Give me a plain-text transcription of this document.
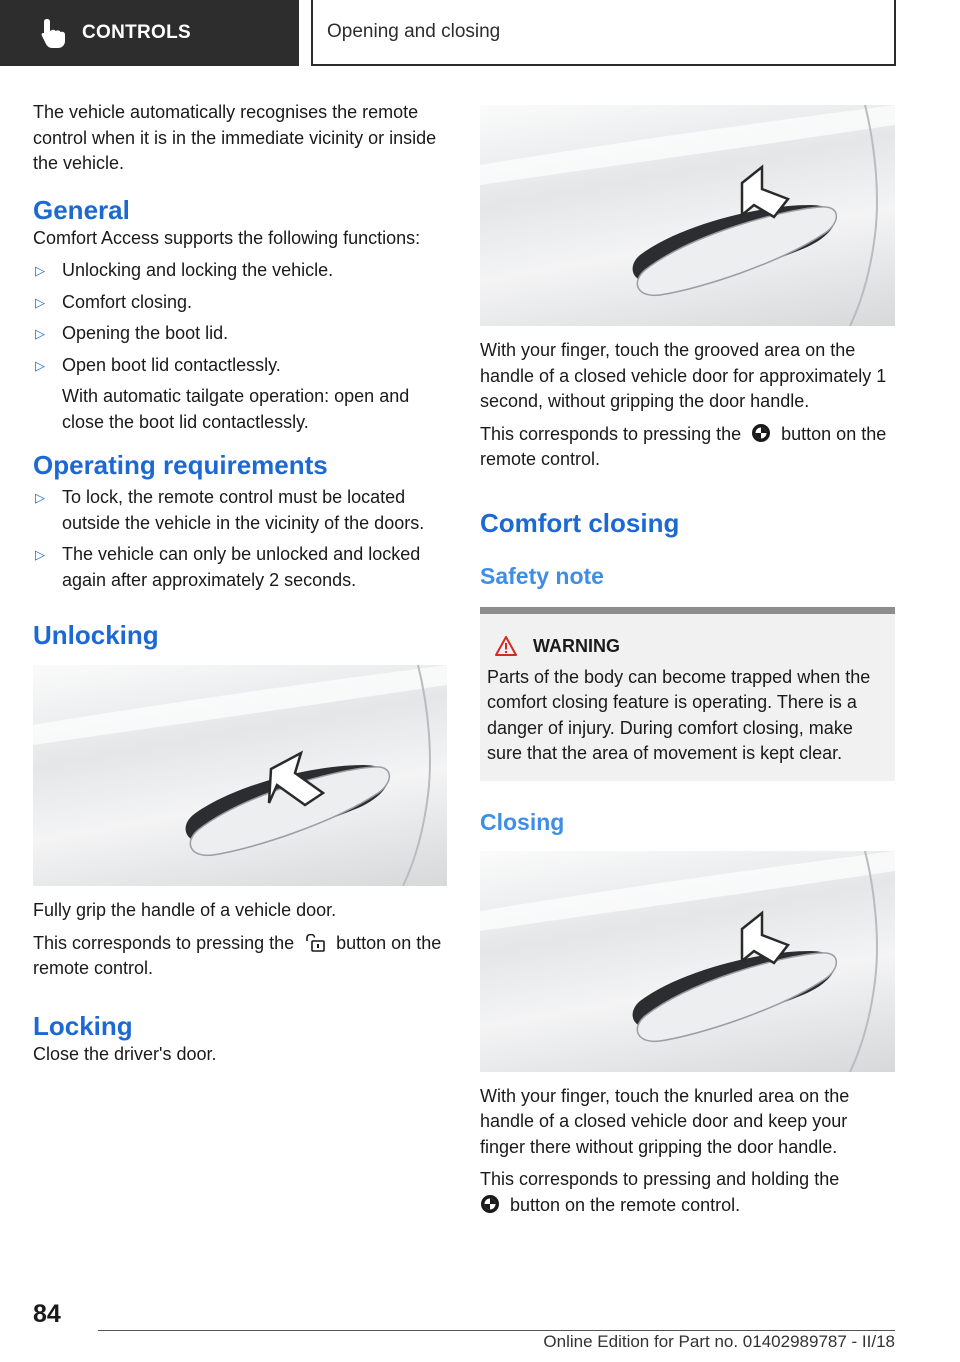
CONTROLS	Opening and closing

The vehicle automatically recognises the remote control when it is in the immediate vicinity or inside the vehicle.

General

Comfort Access supports the following functions:

▷ Unlocking and locking the vehicle.
▷ Comfort closing.
▷ Opening the boot lid.
▷ Open boot lid contactlessly.
With automatic tailgate operation: open and close the boot lid contactlessly.
Operating requirements
▷ To lock, the remote control must be located outside the vehicle in the vicinity of the doors.
▷ The vehicle can only be unlocked and locked again after approximately 2 seconds.
Unlocking

Fully grip the handle of a vehicle door.

This corresponds to pressing the button on the remote control.

Locking

Close the driver's door.

With your finger, touch the grooved area on the handle of a closed vehicle door for approximately 1 second, without gripping the door handle.

This corresponds to pressing the button on the remote control.

Comfort closing
Safety note
WARNING

Parts of the body can become trapped when the comfort closing feature is operating. There is a danger of injury. During comfort closing, make sure that the area of movement is kept clear.

Closing

With your finger, touch the knurled area on the handle of a closed vehicle door and keep your finger there without gripping the door handle.

This corresponds to pressing and holding the
button on the remote control.

84
Online Edition for Part no. 01402989787 - II/18
